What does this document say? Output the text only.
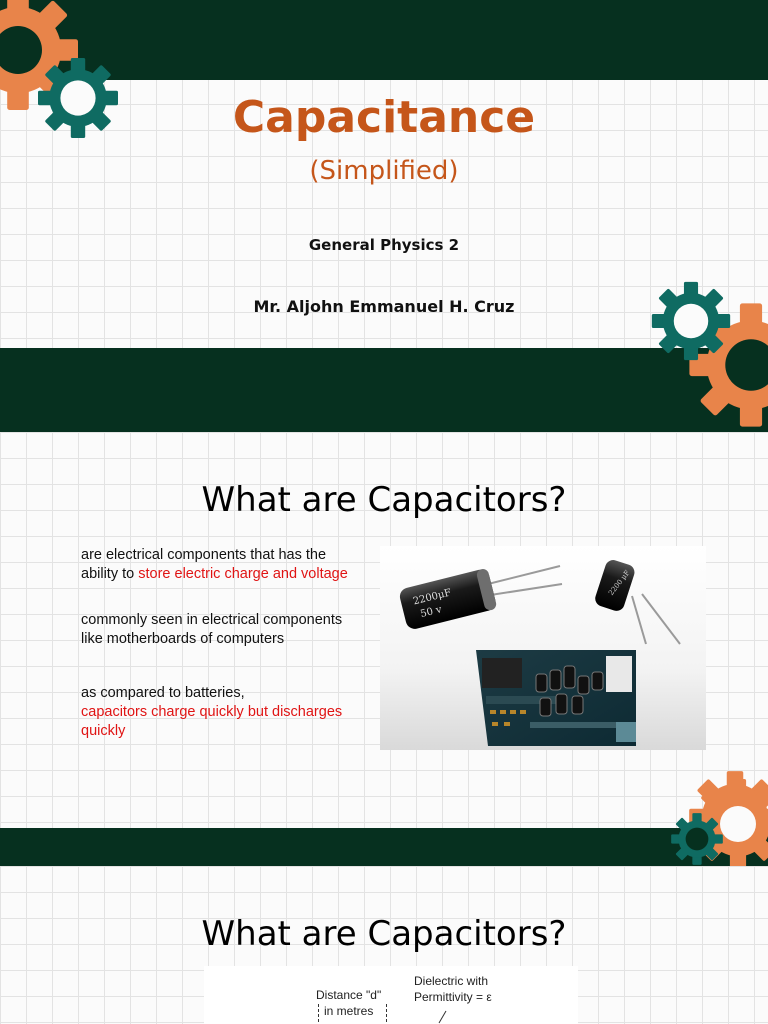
Capacitance
(Simplified)
General Physics 2
Mr. Aljohn Emmanuel H. Cruz
What are Capacitors?
are electrical components that has the ability to store electric charge and voltage
commonly seen in electrical components like motherboards of computers
as compared to batteries,
capacitors charge quickly but discharges quickly
2200μF
50 v
2200 μF
What are Capacitors?
Distance "d"
in metres
Dielectric with
Permittivity = ε
